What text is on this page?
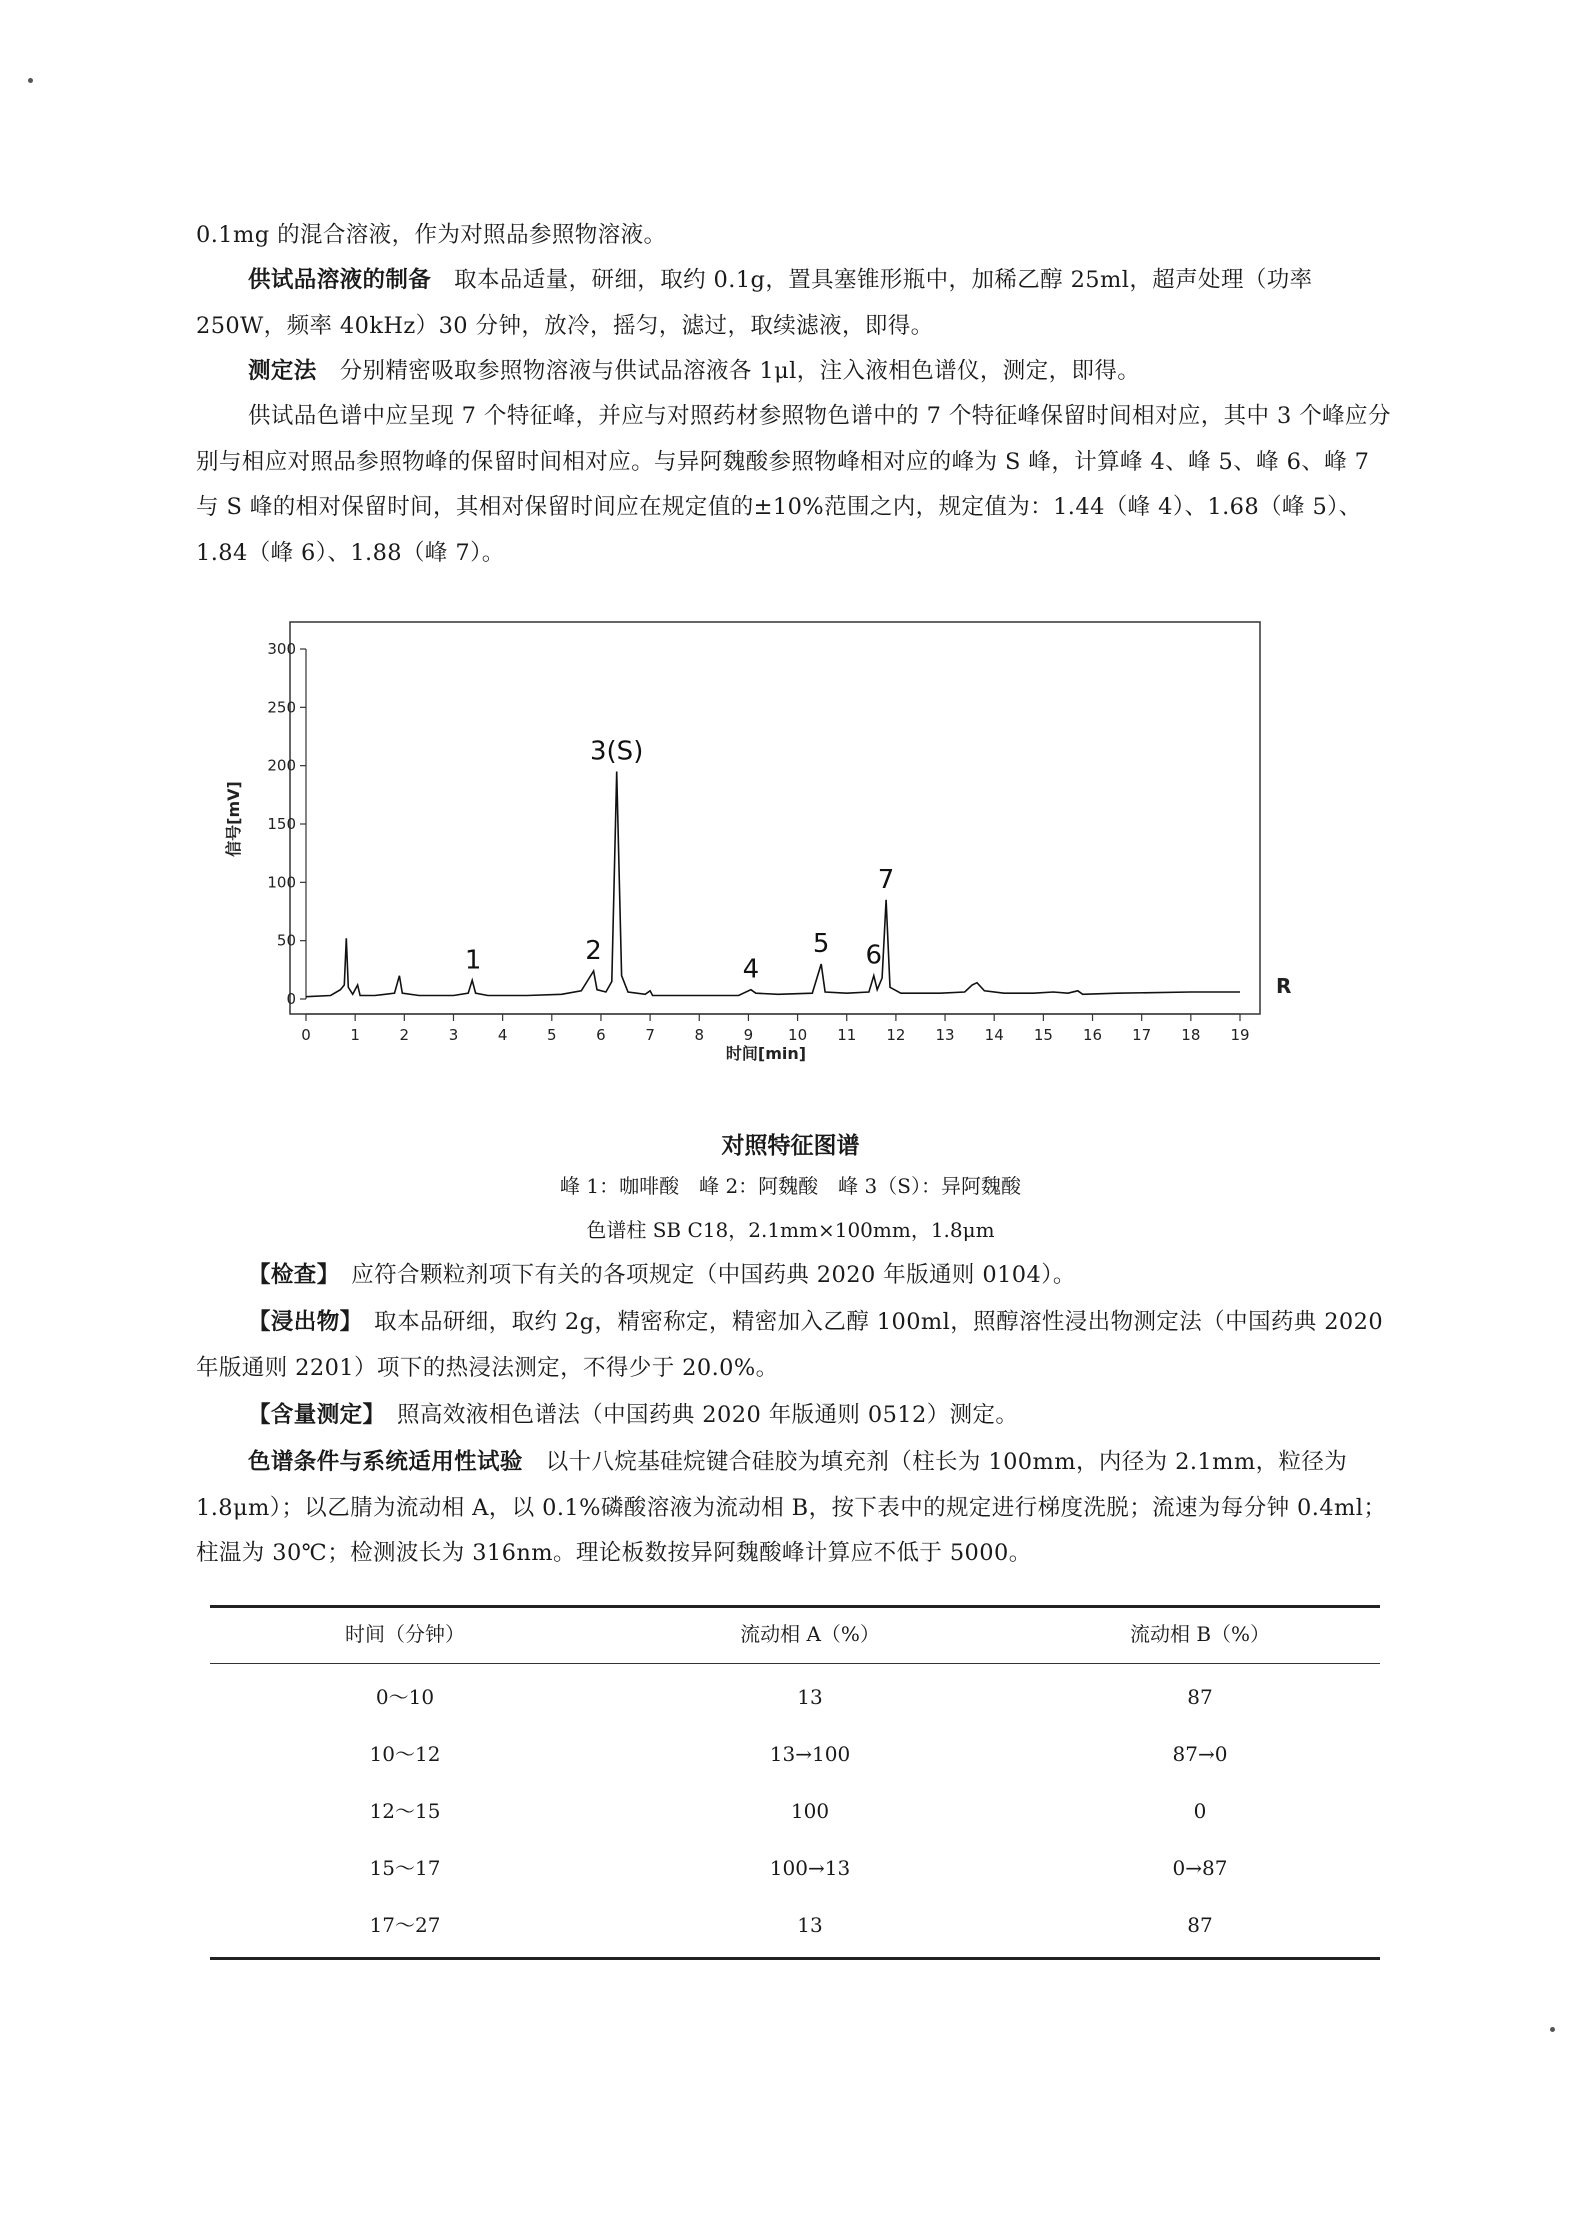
0.1mg 的混合溶液，作为对照品参照物溶液。
供试品溶液的制备　取本品适量，研细，取约 0.1g，置具塞锥形瓶中，加稀乙醇 25ml，超声处理（功率 250W，频率 40kHz）30 分钟，放冷，摇匀，滤过，取续滤液，即得。
测定法　分别精密吸取参照物溶液与供试品溶液各 1μl，注入液相色谱仪，测定，即得。
供试品色谱中应呈现 7 个特征峰，并应与对照药材参照物色谱中的 7 个特征峰保留时间相对应，其中 3 个峰应分别与相应对照品参照物峰的保留时间相对应。与异阿魏酸参照物峰相对应的峰为 S 峰，计算峰 4、峰 5、峰 6、峰 7 与 S 峰的相对保留时间，其相对保留时间应在规定值的±10%范围之内，规定值为：1.44（峰 4）、1.68（峰 5）、1.84（峰 6）、1.88（峰 7）。
0
50
100
150
200
250
300
0	1	2	3	4	5	6	7	8	9 10 11 12 13 14 15 16 17 18 19
1	2
3(S)
4
5 6
7
信号[mV]
时间[min]
R
对照特征图谱
峰 1：咖啡酸　峰 2：阿魏酸　峰 3（S）：异阿魏酸
色谱柱 SB C18，2.1mm×100mm，1.8μm
【检查】　应符合颗粒剂项下有关的各项规定（中国药典 2020 年版通则 0104）。
【浸出物】　取本品研细，取约 2g，精密称定，精密加入乙醇 100ml，照醇溶性浸出物测定法（中国药典 2020 年版通则 2201）项下的热浸法测定，不得少于 20.0%。
【含量测定】　照高效液相色谱法（中国药典 2020 年版通则 0512）测定。
色谱条件与系统适用性试验　以十八烷基硅烷键合硅胶为填充剂（柱长为 100mm，内径为 2.1mm，粒径为 1.8μm）；以乙腈为流动相 A，以 0.1%磷酸溶液为流动相 B，按下表中的规定进行梯度洗脱；流速为每分钟 0.4ml；柱温为 30℃；检测波长为 316nm。理论板数按异阿魏酸峰计算应不低于 5000。
时间（分钟）	流动相 A（%）	流动相 B（%）
0～10	13	87
10～12	13→100	87→0
12～15	100	0
15～17	100→13	0→87
17～27	13	87
